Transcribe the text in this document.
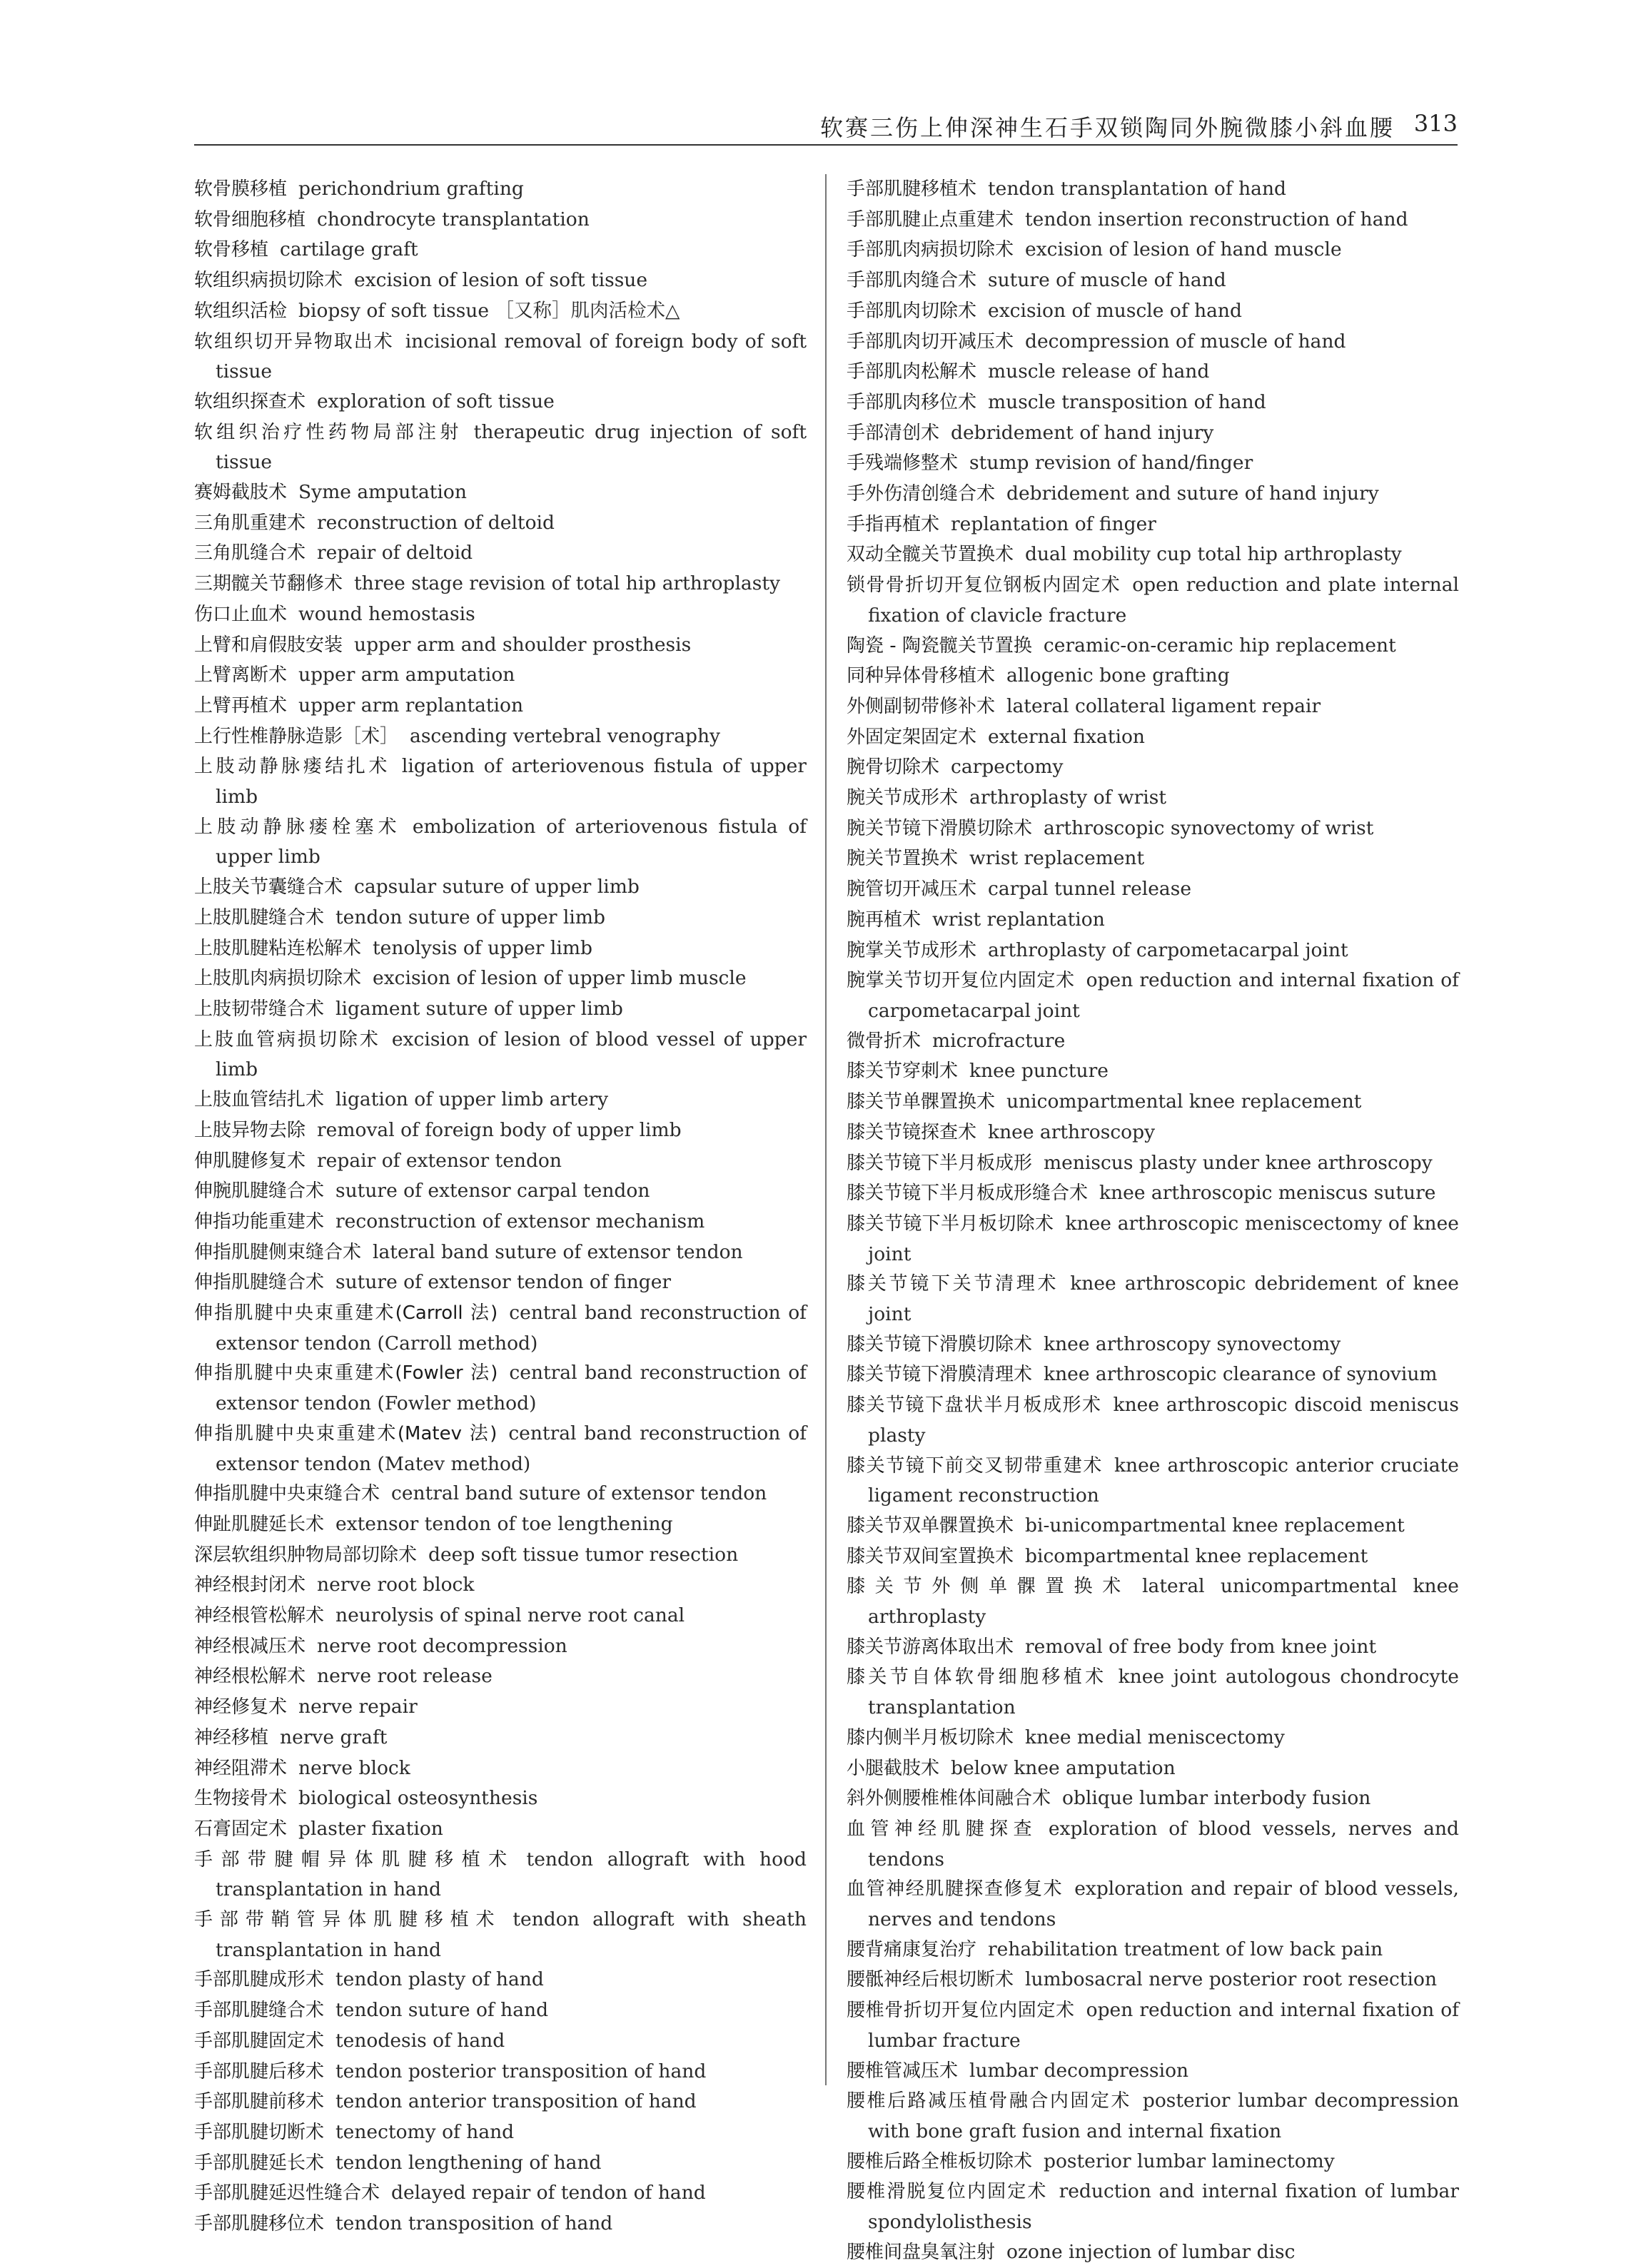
软赛三伤上伸深神生石手双锁陶同外腕微膝小斜血腰 313
软骨膜移植 perichondrium grafting
软骨细胞移植 chondrocyte transplantation
软骨移植 cartilage graft
软组织病损切除术 excision of lesion of soft tissue
软组织活检 biopsy of soft tissue ［又称］肌肉活检术△
软组织切开异物取出术 incisional removal of foreign body of soft tissue
软组织探查术 exploration of soft tissue
软组织治疗性药物局部注射 therapeutic drug injection of soft tissue
赛姆截肢术 Syme amputation
三角肌重建术 reconstruction of deltoid
三角肌缝合术 repair of deltoid
三期髋关节翻修术 three stage revision of total hip arthroplasty
伤口止血术 wound hemostasis
上臂和肩假肢安装 upper arm and shoulder prosthesis
上臂离断术 upper arm amputation
上臂再植术 upper arm replantation
上行性椎静脉造影［术］ ascending vertebral venography
上肢动静脉瘘结扎术 ligation of arteriovenous fistula of upper limb
上肢动静脉瘘栓塞术 embolization of arteriovenous fistula of upper limb
上肢关节囊缝合术 capsular suture of upper limb
上肢肌腱缝合术 tendon suture of upper limb
上肢肌腱粘连松解术 tenolysis of upper limb
上肢肌肉病损切除术 excision of lesion of upper limb muscle
上肢韧带缝合术 ligament suture of upper limb
上肢血管病损切除术 excision of lesion of blood vessel of upper limb
上肢血管结扎术 ligation of upper limb artery
上肢异物去除 removal of foreign body of upper limb
伸肌腱修复术 repair of extensor tendon
伸腕肌腱缝合术 suture of extensor carpal tendon
伸指功能重建术 reconstruction of extensor mechanism
伸指肌腱侧束缝合术 lateral band suture of extensor tendon
伸指肌腱缝合术 suture of extensor tendon of finger
伸指肌腱中央束重建术(Carroll 法) central band reconstruction of extensor tendon (Carroll method)
伸指肌腱中央束重建术(Fowler 法) central band reconstruction of extensor tendon (Fowler method)
伸指肌腱中央束重建术(Matev 法) central band reconstruction of extensor tendon (Matev method)
伸指肌腱中央束缝合术 central band suture of extensor tendon
伸趾肌腱延长术 extensor tendon of toe lengthening
深层软组织肿物局部切除术 deep soft tissue tumor resection
神经根封闭术 nerve root block
神经根管松解术 neurolysis of spinal nerve root canal
神经根减压术 nerve root decompression
神经根松解术 nerve root release
神经修复术 nerve repair
神经移植 nerve graft
神经阻滞术 nerve block
生物接骨术 biological osteosynthesis
石膏固定术 plaster fixation
手部带腱帽异体肌腱移植术 tendon allograft with hood transplantation in hand
手部带鞘管异体肌腱移植术 tendon allograft with sheath transplantation in hand
手部肌腱成形术 tendon plasty of hand
手部肌腱缝合术 tendon suture of hand
手部肌腱固定术 tenodesis of hand
手部肌腱后移术 tendon posterior transposition of hand
手部肌腱前移术 tendon anterior transposition of hand
手部肌腱切断术 tenectomy of hand
手部肌腱延长术 tendon lengthening of hand
手部肌腱延迟性缝合术 delayed repair of tendon of hand
手部肌腱移位术 tendon transposition of hand
手部肌腱移植术 tendon transplantation of hand
手部肌腱止点重建术 tendon insertion reconstruction of hand
手部肌肉病损切除术 excision of lesion of hand muscle
手部肌肉缝合术 suture of muscle of hand
手部肌肉切除术 excision of muscle of hand
手部肌肉切开减压术 decompression of muscle of hand
手部肌肉松解术 muscle release of hand
手部肌肉移位术 muscle transposition of hand
手部清创术 debridement of hand injury
手残端修整术 stump revision of hand/finger
手外伤清创缝合术 debridement and suture of hand injury
手指再植术 replantation of finger
双动全髋关节置换术 dual mobility cup total hip arthroplasty
锁骨骨折切开复位钢板内固定术 open reduction and plate internal fixation of clavicle fracture
陶瓷 - 陶瓷髋关节置换 ceramic-on-ceramic hip replacement
同种异体骨移植术 allogenic bone grafting
外侧副韧带修补术 lateral collateral ligament repair
外固定架固定术 external fixation
腕骨切除术 carpectomy
腕关节成形术 arthroplasty of wrist
腕关节镜下滑膜切除术 arthroscopic synovectomy of wrist
腕关节置换术 wrist replacement
腕管切开减压术 carpal tunnel release
腕再植术 wrist replantation
腕掌关节成形术 arthroplasty of carpometacarpal joint
腕掌关节切开复位内固定术 open reduction and internal fixation of carpometacarpal joint
微骨折术 microfracture
膝关节穿刺术 knee puncture
膝关节单髁置换术 unicompartmental knee replacement
膝关节镜探查术 knee arthroscopy
膝关节镜下半月板成形 meniscus plasty under knee arthroscopy
膝关节镜下半月板成形缝合术 knee arthroscopic meniscus suture
膝关节镜下半月板切除术 knee arthroscopic meniscectomy of knee joint
膝关节镜下关节清理术 knee arthroscopic debridement of knee joint
膝关节镜下滑膜切除术 knee arthroscopy synovectomy
膝关节镜下滑膜清理术 knee arthroscopic clearance of synovium
膝关节镜下盘状半月板成形术 knee arthroscopic discoid meniscus plasty
膝关节镜下前交叉韧带重建术 knee arthroscopic anterior cruciate ligament reconstruction
膝关节双单髁置换术 bi-unicompartmental knee replacement
膝关节双间室置换术 bicompartmental knee replacement
膝关节外侧单髁置换术 lateral unicompartmental knee arthroplasty
膝关节游离体取出术 removal of free body from knee joint
膝关节自体软骨细胞移植术 knee joint autologous chondrocyte transplantation
膝内侧半月板切除术 knee medial meniscectomy
小腿截肢术 below knee amputation
斜外侧腰椎椎体间融合术 oblique lumbar interbody fusion
血管神经肌腱探查 exploration of blood vessels, nerves and tendons
血管神经肌腱探查修复术 exploration and repair of blood vessels, nerves and tendons
腰背痛康复治疗 rehabilitation treatment of low back pain
腰骶神经后根切断术 lumbosacral nerve posterior root resection
腰椎骨折切开复位内固定术 open reduction and internal fixation of lumbar fracture
腰椎管减压术 lumbar decompression
腰椎后路减压植骨融合内固定术 posterior lumbar decompression with bone graft fusion and internal fixation
腰椎后路全椎板切除术 posterior lumbar laminectomy
腰椎滑脱复位内固定术 reduction and internal fixation of lumbar spondylolisthesis
腰椎间盘臭氧注射 ozone injection of lumbar disc
